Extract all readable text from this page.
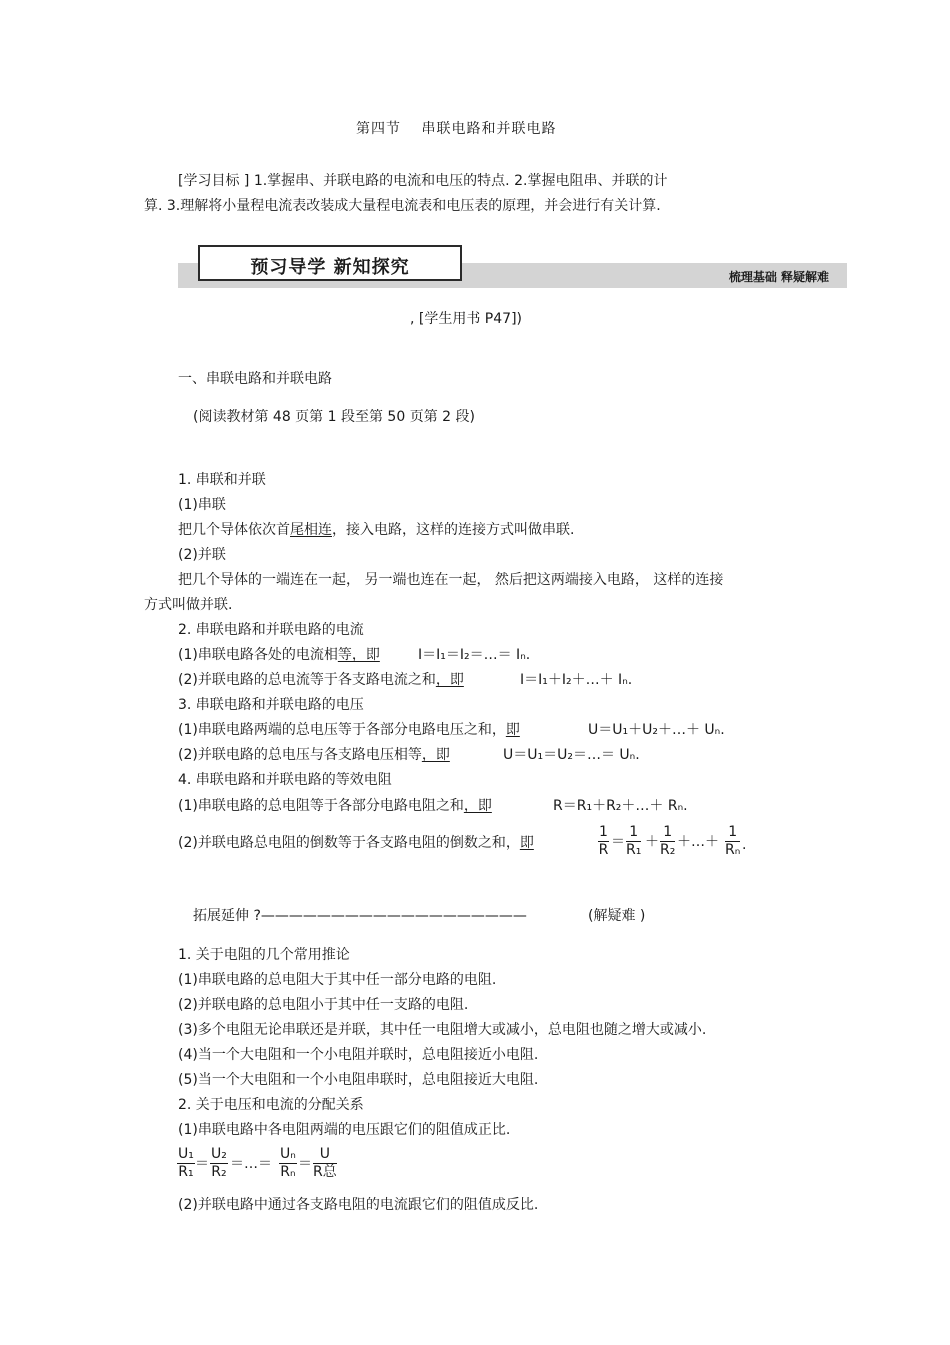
第四节　 串联电路和并联电路
[学习目标 ] 1.掌握串、并联电路的电流和电压的特点. 2.掌握电阻串、并联的计
算. 3.理解将小量程电流表改装成大量程电流表和电压表的原理，并会进行有关计算.
梳理基础 释疑解难
预习导学 新知探究
, [学生用书 P47])
一、串联电路和并联电路
(阅读教材第 48 页第 1 段至第 50 页第 2 段)
1. 串联和并联
(1)串联
把几个导体依次首尾相连，接入电路，这样的连接方式叫做串联.
(2)并联
把几个导体的一端连在一起， 另一端也连在一起， 然后把这两端接入电路， 这样的连接
方式叫做并联.
2. 串联电路和并联电路的电流
(1)串联电路各处的电流相等，即	I＝I₁＝I₂＝…＝ Iₙ.
(2)并联电路的总电流等于各支路电流之和，即	I＝I₁＋I₂＋…＋ Iₙ.
3. 串联电路和并联电路的电压
(1)串联电路两端的总电压等于各部分电路电压之和，即	U＝U₁＋U₂＋…＋ Uₙ.
(2)并联电路的总电压与各支路电压相等，即	U＝U₁＝U₂＝…＝ Uₙ.
4. 串联电路和并联电路的等效电阻
(1)串联电路的总电阻等于各部分电路电阻之和，即	R＝R₁＋R₂＋…＋ Rₙ.
(2)并联电路总电阻的倒数等于各支路电阻的倒数之和，即	$\frac{1}{R} = \frac{1}{\text{R₁}} + \frac{1}{\text{R₂}}$ ＋…＋ $\frac{1}{\text{Rₙ}}$ .
拓展延伸 ?———————————————————	(解疑难 )
1. 关于电阻的几个常用推论
(1)串联电路的总电阻大于其中任一部分电路的电阻.
(2)并联电路的总电阻小于其中任一支路的电阻.
(3)多个电阻无论串联还是并联，其中任一电阻增大或减小，总电阻也随之增大或减小.
(4)当一个大电阻和一个小电阻并联时，总电阻接近小电阻.
(5)当一个大电阻和一个小电阻串联时，总电阻接近大电阻.
2. 关于电压和电流的分配关系
(1)串联电路中各电阻两端的电压跟它们的阻值成正比.
$\frac{\text{U₁}}{\text{R₁}} = \frac{\text{U₂}}{\text{R₂}}$ ＝…＝ $\frac{\text{Uₙ}}{\text{Rₙ}}$ ＝
U
R总
(2)并联电路中通过各支路电阻的电流跟它们的阻值成反比.
